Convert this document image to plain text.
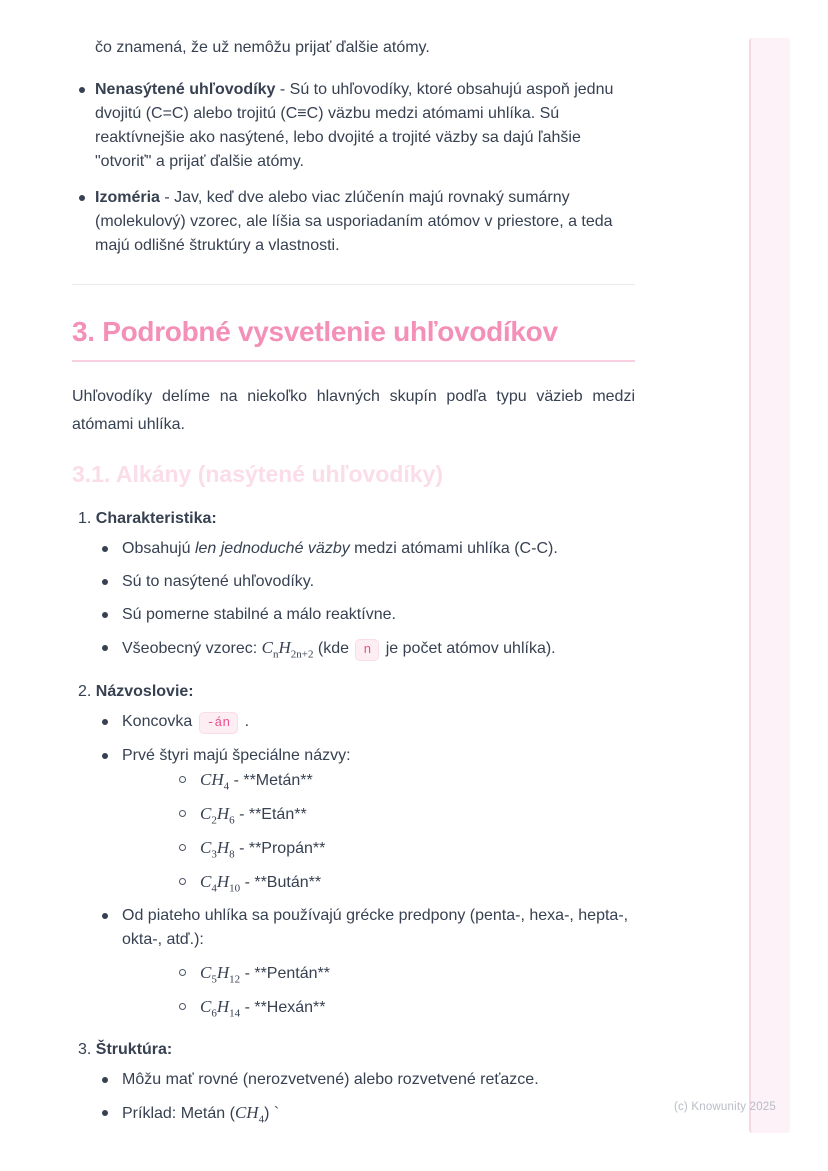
čo znamená, že už nemôžu prijať ďalšie atómy.
Nenasýtené uhľovodíky - Sú to uhľovodíky, ktoré obsahujú aspoň jednu dvojitú (C=C) alebo trojitú (C≡C) väzbu medzi atómami uhlíka. Sú reaktívnejšie ako nasýtené, lebo dvojité a trojité väzby sa dajú ľahšie "otvoriť" a prijať ďalšie atómy.
Izoméria - Jav, keď dve alebo viac zlúčenín majú rovnaký sumárny (molekulový) vzorec, ale líšia sa usporiadaním atómov v priestore, a teda majú odlišné štruktúry a vlastnosti.
3. Podrobné vysvetlenie uhľovodíkov

Uhľovodíky delíme na niekoľko hlavných skupín podľa typu väzieb medzi atómami uhlíka.

3.1. Alkány (nasýtené uhľovodíky)
1. Charakteristika:
Obsahujú len jednoduché väzby medzi atómami uhlíka (C-C).
Sú to nasýtené uhľovodíky.
Sú pomerne stabilné a málo reaktívne.
Všeobecný vzorec: $C_nH_{2n+2}$ (kde n je počet atómov uhlíka).
2. Názvoslovie:
Koncovka -án .
Prvé štyri majú špeciálne názvy:
$CH_4$ - **Metán**
$C_2H_6$ - **Etán**
$C_3H_8$ - **Propán**
$C_4H_{10}$ - **Bután**
Od piateho uhlíka sa používajú grécke predpony (penta-, hexa-, hepta-, okta-, atď.):
$C_5H_{12}$ - **Pentán**
$C_6H_{14}$ - **Hexán**
3. Štruktúra:
Môžu mať rovné (nerozvetvené) alebo rozvetvené reťazce.
Príklad: Metán $(CH_4)$ `	(c) Knowunity 2025
